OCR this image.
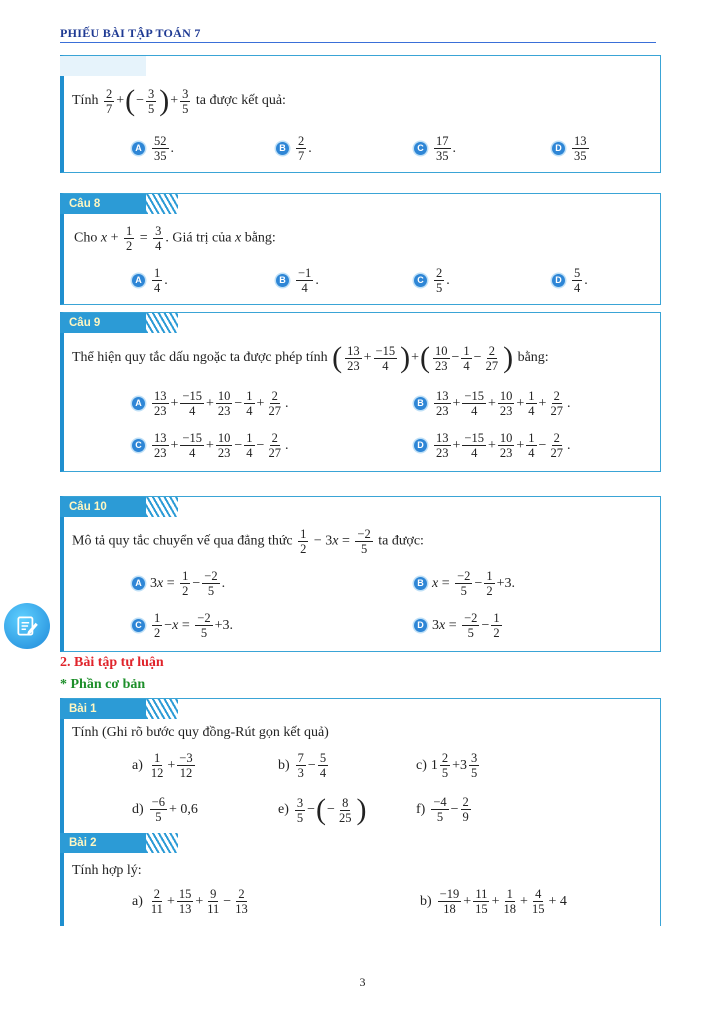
PHIẾU BÀI TẬP TOÁN 7
Câu 7
Tính $\frac{2}{7}$ +(− $\frac{3}{5}$ )+ $\frac{3}{5}$ ta được kết quả:
A $\frac{52}{35}$ .	B $\frac{2}{7}$ .	C $\frac{17}{35}$ .	D $\frac{13}{35}$
Câu 8
Cho $x + \frac{1}{2} = \frac{3}{4}$ . Giá trị của x bằng:
A $\frac{1}{4}$ .	B $\frac{-1}{4}$ .	C $\frac{2}{5}$ .	D $\frac{5}{4}$ .
Câu 9
Thể hiện quy tắc dấu ngoặc ta được phép tính ( $\frac{13}{23} + \frac{-15}{4}$ )+( $\frac{10}{23} - \frac{1}{4} - \frac{2}{27}$ ) bằng:
A $\frac{13}{23} + \frac{-15}{4} + \frac{10}{23} - \frac{1}{4} + \frac{2}{27}$ .	B $\frac{13}{23} + \frac{-15}{4} + \frac{10}{23} + \frac{1}{4} + \frac{2}{27}$ .
C $\frac{13}{23} + \frac{-15}{4} + \frac{10}{23} - \frac{1}{4} - \frac{2}{27}$ .	D $\frac{13}{23} + \frac{-15}{4} + \frac{10}{23} + \frac{1}{4} - \frac{2}{27}$ .
Câu 10
Mô tả quy tắc chuyển vế qua đẳng thức $\frac{1}{2} - 3x = \frac{-2}{5}$ ta được:
A 3 $x = \frac{1}{2} - \frac{-2}{5}$ .	B $x = \frac{-2}{5} - \frac{1}{2} +3$.
C $\frac{1}{2} - x = \frac{-2}{5} +3$.	D 3 $x = \frac{-2}{5} - \frac{1}{2}$
2. Bài tập tự luận
* Phần cơ bản
Bài 1
Tính (Ghi rõ bước quy đồng-Rút gọn kết quả)
$a) \frac{1}{12} + \frac{-3}{12}$	$b) \frac{7}{3} - \frac{5}{4}$	c) $1 \frac{2}{5} +3 \frac{3}{5}$
$d) \frac{-6}{5} + 0,6$	$e) \frac{3}{5}$ − ( − $\frac{8}{25}$ )	$f) \frac{-4}{5} - \frac{2}{9}$
Bài 2
Tính hợp lý:
$a) \frac{2}{11} + \frac{15}{13} + \frac{9}{11} - \frac{2}{13}$	$b) \frac{-19}{18} + \frac{11}{15} + \frac{1}{18} + \frac{4}{15} + 4$
3
